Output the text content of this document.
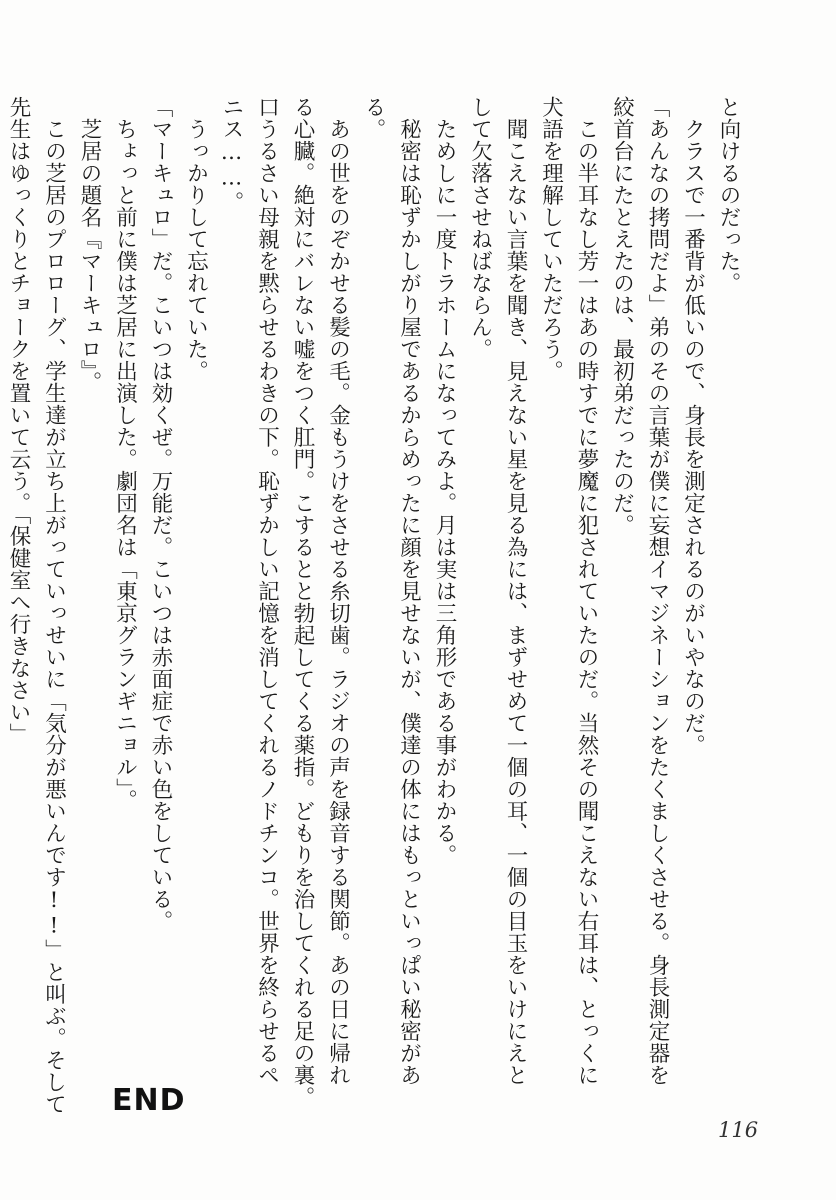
と向けるのだった。
　クラスで一番背が低いので、身長を測定されるのがいやなのだ。
「あんなの拷問だよ」弟のその言葉が僕に妄想イマジネーションをたくましくさせる。身長測定器を
絞首台にたとえたのは、最初弟だったのだ。
　この半耳なし芳一はあの時すでに夢魔に犯されていたのだ。当然その聞こえない右耳は、とっくに
犬語を理解していただろう。
　聞こえない言葉を聞き、見えない星を見る為には、まずせめて一個の耳、一個の目玉をいけにえと
して欠落させねばならん。
　ためしに一度トラホームになってみよ。月は実は三角形である事がわかる。
　秘密は恥ずかしがり屋であるからめったに顔を見せないが、僕達の体にはもっといっぱい秘密があ
る。
　あの世をのぞかせる髪の毛。金もうけをさせる糸切歯。ラジオの声を録音する関節。あの日に帰れ
る心臓。絶対にバレない嘘をつく肛門。こするとと勃起してくる薬指。どもりを治してくれる足の裏。
口うるさい母親を黙らせるわきの下。恥ずかしい記憶を消してくれるノドチンコ。世界を終らせるペ
ニス……。
　うっかりして忘れていた。
「マーキュロ」だ。こいつは効くぜ。万能だ。こいつは赤面症で赤い色をしている。
　ちょっと前に僕は芝居に出演した。劇団名は「東京グランギニョル」。
　芝居の題名『マーキュロ』。
　この芝居のプロローグ、学生達が立ち上がっていっせいに「気分が悪いんです!!」と叫ぶ。そして
先生はゆっくりとチョークを置いて云う。「保健室へ行きなさい」
END
116
